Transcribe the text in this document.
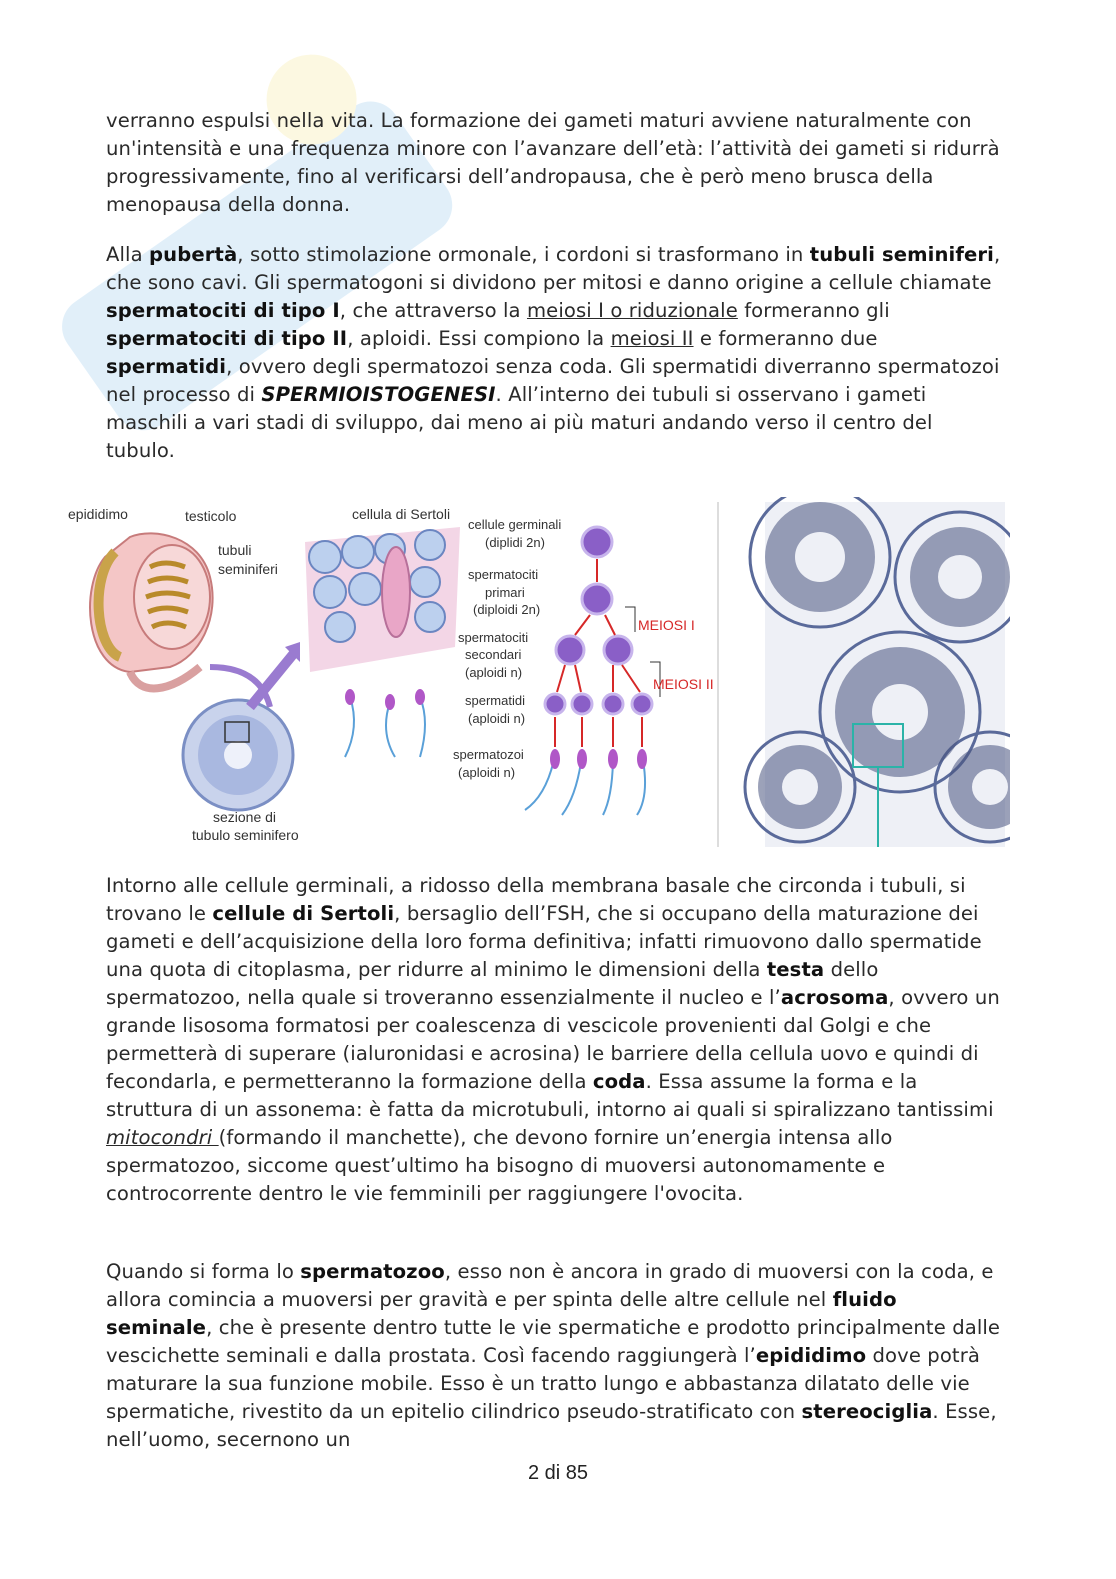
verranno espulsi nella vita. La formazione dei gameti maturi avviene naturalmente con un'intensità e una frequenza minore con l’avanzare dell’età: l’attività dei gameti si ridurrà progressivamente, fino al verificarsi dell’andropausa, che è però meno brusca della menopausa della donna.

Alla pubertà, sotto stimolazione ormonale, i cordoni si trasformano in tubuli seminiferi, che sono cavi. Gli spermatogoni si dividono per mitosi e danno origine a cellule chiamate spermatociti di tipo I, che attraverso la meiosi I o riduzionale formeranno gli spermatociti di tipo II, aploidi. Essi compiono la meiosi II e formeranno due spermatidi, ovvero degli spermatozoi senza coda. Gli spermatidi diverranno spermatozoi nel processo di SPERMIOISTOGENESI. All’interno dei tubuli si osservano i gameti maschili a vari stadi di sviluppo, dai meno ai più maturi andando verso il centro del tubulo.

epididimo	testicolo
tubuli
seminiferi
sezione di
tubulo seminifero
cellula di Sertoli
cellule germinali
(diplidi 2n)
spermatociti
primari
(diploidi 2n)
spermatociti
secondari
(aploidi n)
spermatidi
(aploidi n)
spermatozoi
(aploidi n)
MEIOSI I
MEIOSI II

Intorno alle cellule germinali, a ridosso della membrana basale che circonda i tubuli, si trovano le cellule di Sertoli, bersaglio dell’FSH, che si occupano della maturazione dei gameti e dell’acquisizione della loro forma definitiva; infatti rimuovono dallo spermatide una quota di citoplasma, per ridurre al minimo le dimensioni della testa dello spermatozoo, nella quale si troveranno essenzialmente il nucleo e l’acrosoma, ovvero un grande lisosoma formatosi per coalescenza di vescicole provenienti dal Golgi e che permetterà di superare (ialuronidasi e acrosina) le barriere della cellula uovo e quindi di fecondarla, e permetteranno la formazione della coda. Essa assume la forma e la struttura di un assonema: è fatta da microtubuli, intorno ai quali si spiralizzano tantissimi mitocondri (formando il manchette), che devono fornire un’energia intensa allo spermatozoo, siccome quest’ultimo ha bisogno di muoversi autonomamente e controcorrente dentro le vie femminili per raggiungere l'ovocita.

Quando si forma lo spermatozoo, esso non è ancora in grado di muoversi con la coda, e allora comincia a muoversi per gravità e per spinta delle altre cellule nel fluido seminale, che è presente dentro tutte le vie spermatiche e prodotto principalmente dalle vescichette seminali e dalla prostata. Così facendo raggiungerà l’epididimo dove potrà maturare la sua funzione mobile. Esso è un tratto lungo e abbastanza dilatato delle vie spermatiche, rivestito da un epitelio cilindrico pseudo-stratificato con stereociglia. Esse, nell’uomo, secernono un

2 di 85
